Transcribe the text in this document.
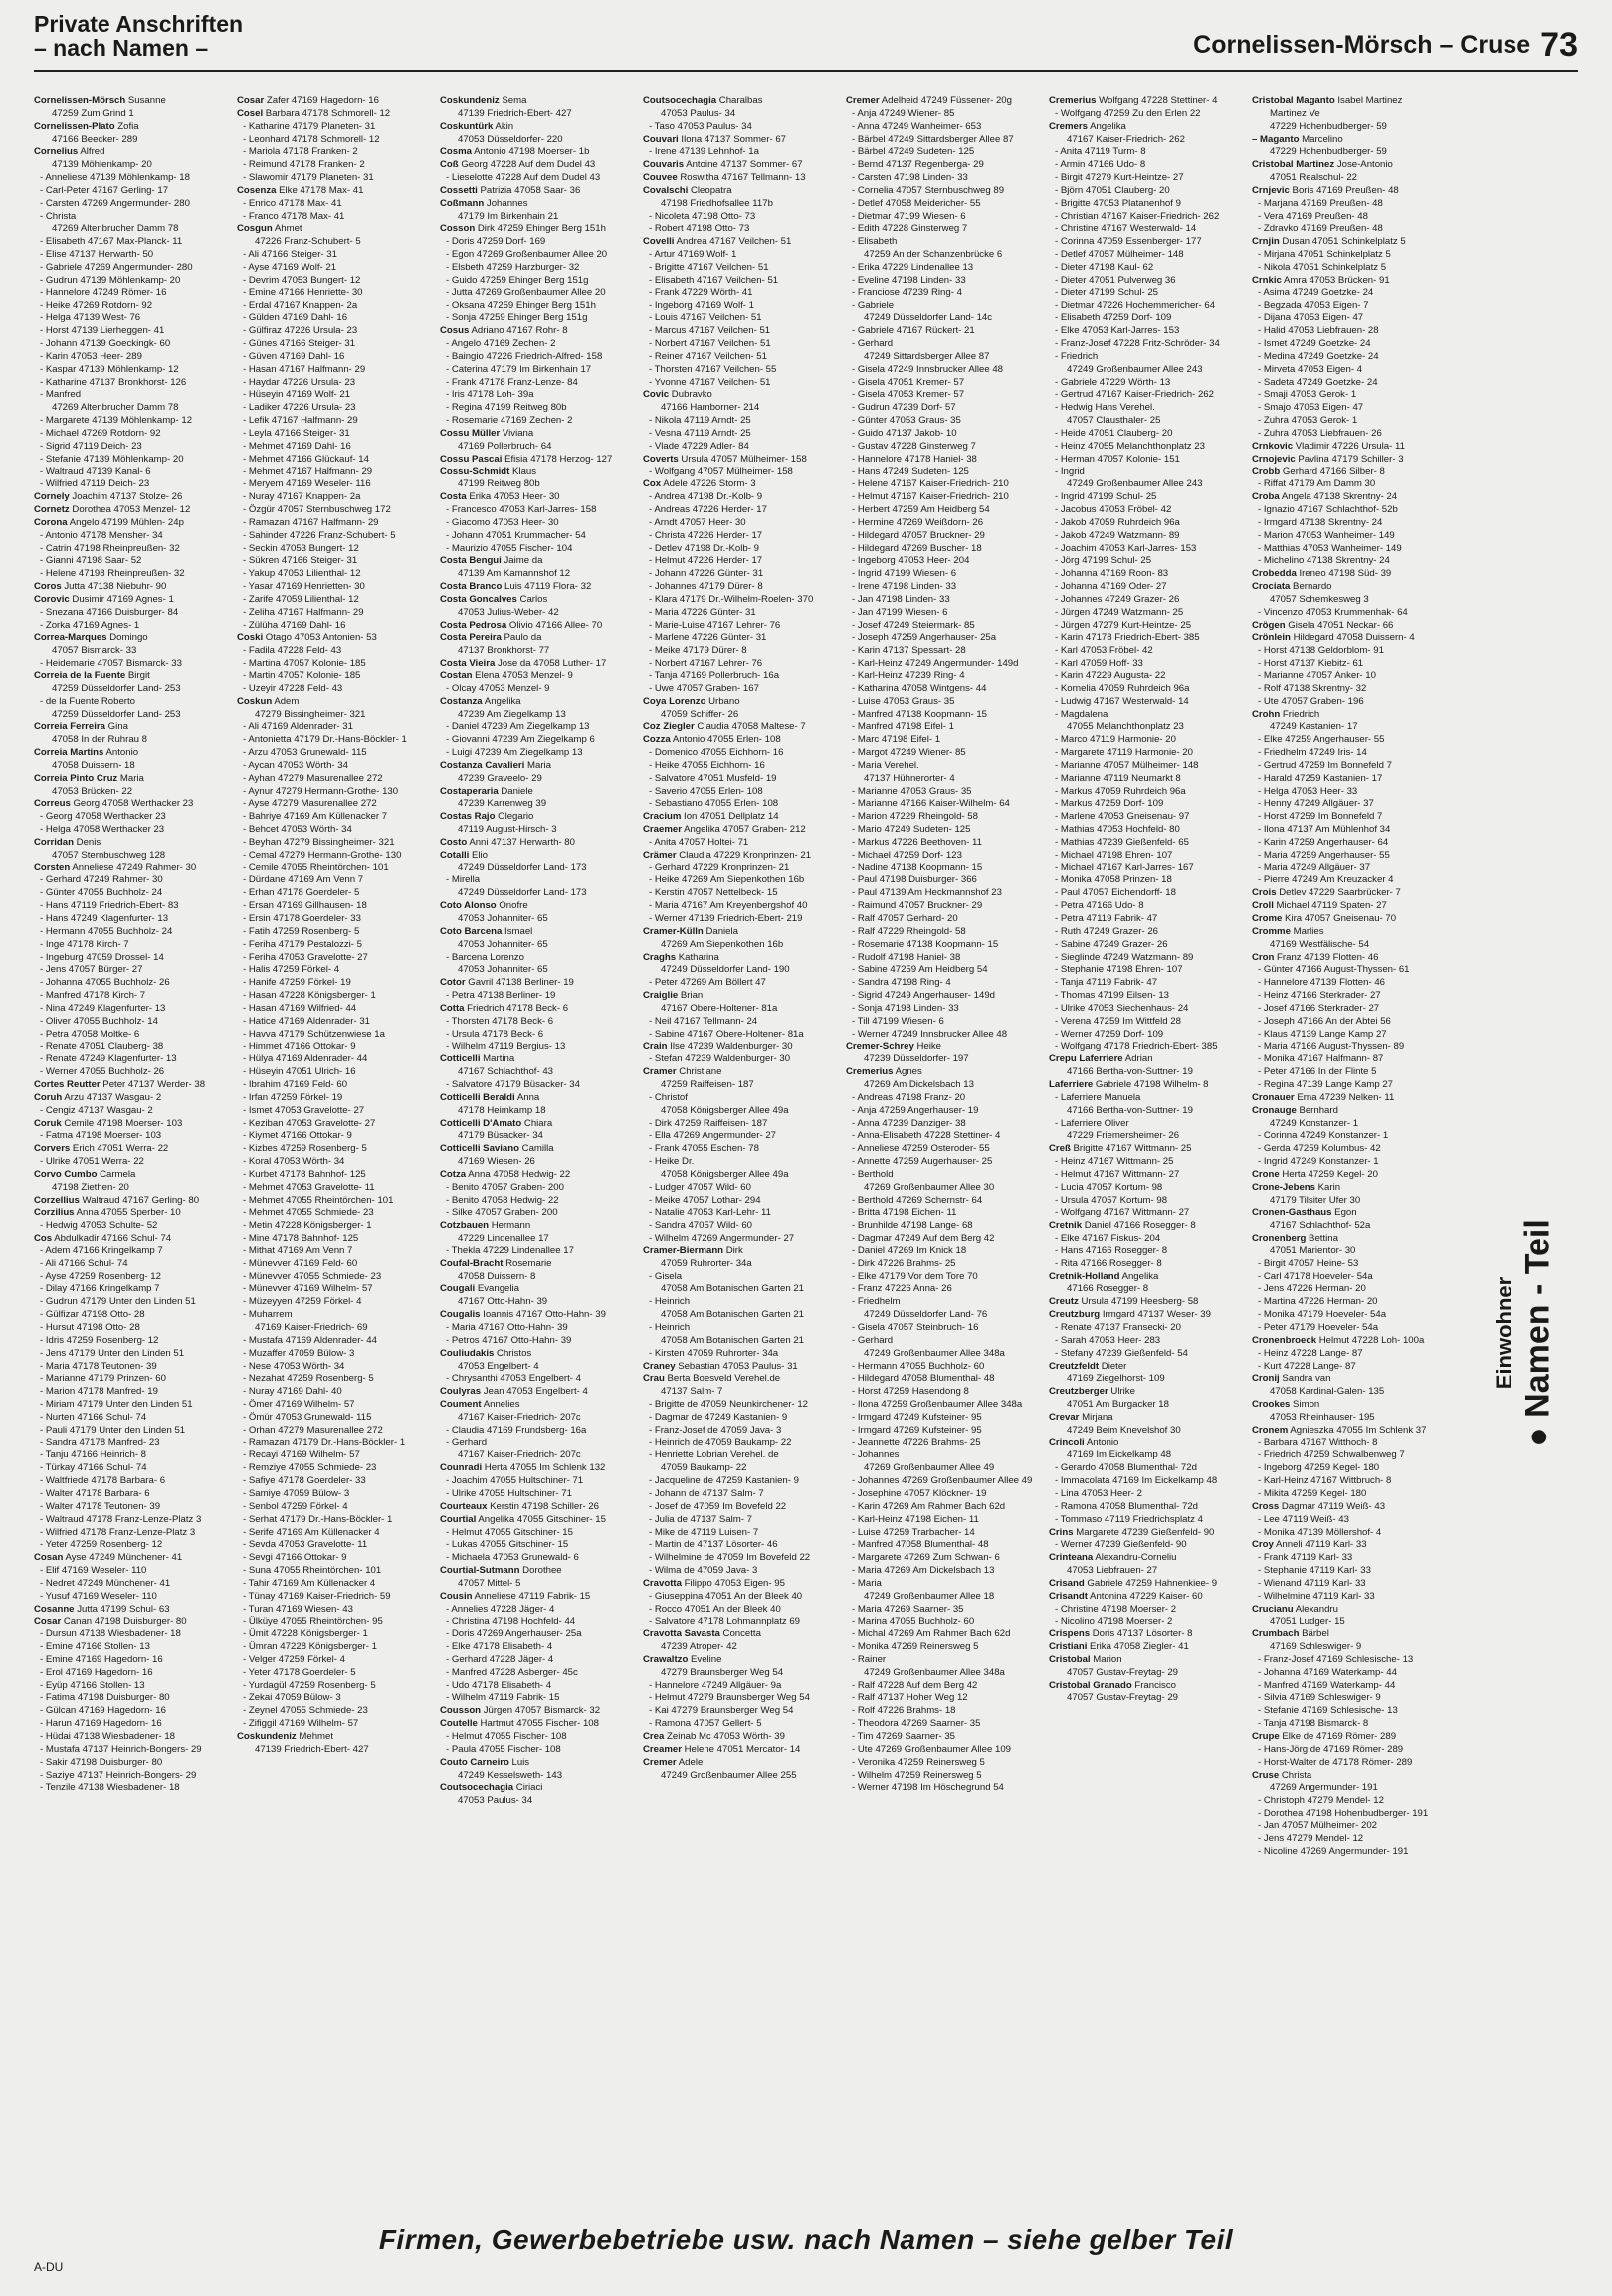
Private Anschriften
– nach Namen –	Cornelissen-Mörsch – Cruse 73
Cornelissen-Mörsch Susanne
47259 Zum Grind 1
Cornelissen-Plato Zofia
47166 Beecker- 289
Cornelius Alfred
47139 Möhlenkamp- 20
- Anneliese 47139 Möhlenkamp- 18
- Carl-Peter 47167 Gerling- 17
- Carsten 47269 Angermunder- 280
- Christa
47269 Altenbrucher Damm 78
- Elisabeth 47167 Max-Planck- 11
- Elise 47137 Herwarth- 50
- Gabriele 47269 Angermunder- 280
- Gudrun 47139 Möhlenkamp- 20
- Hannelore 47249 Römer- 16
- Heike 47269 Rotdorn- 92
- Helga 47139 West- 76
- Horst 47139 Lierheggen- 41
- Johann 47139 Goeckingk- 60
- Karin 47053 Heer- 289
- Kaspar 47139 Möhlenkamp- 12
- Katharine 47137 Bronkhorst- 126
- Manfred
47269 Altenbrucher Damm 78
- Margarete 47139 Möhlenkamp- 12
- Michael 47269 Rotdorn- 92
- Sigrid 47119 Deich- 23
- Stefanie 47139 Möhlenkamp- 20
- Waltraud 47139 Kanal- 6
- Wilfried 47119 Deich- 23
Cornely Joachim 47137 Stolze- 26
Cornetz Dorothea 47053 Menzel- 12
Corona Angelo 47199 Mühlen- 24p
- Antonio 47178 Mensher- 34
- Catrin 47198 Rheinpreußen- 32
- Gianni 47198 Saar- 52
- Helene 47198 Rheinpreußen- 32
Coros Jutta 47138 Niebuhr- 90
Corovic Dusimir 47169 Agnes- 1
- Snezana 47166 Duisburger- 84
- Zorka 47169 Agnes- 1
Correa-Marques Domingo
47057 Bismarck- 33
- Heidemarie 47057 Bismarck- 33
Correia de la Fuente Birgit
47259 Düsseldorfer Land- 253
- de la Fuente Roberto
47259 Düsseldorfer Land- 253
Correia Ferreira Gina
47058 In der Ruhrau 8
Correia Martins Antonio
47058 Duissern- 18
Correia Pinto Cruz Maria
47053 Brücken- 22
Correus Georg 47058 Werthacker 23
- Georg 47058 Werthacker 23
- Helga 47058 Werthacker 23
Corridan Denis
47057 Sternbuschweg 128
Corsten Anneliese 47249 Rahmer- 30
- Gerhard 47249 Rahmer- 30
- Günter 47055 Buchholz- 24
- Hans 47119 Friedrich-Ebert- 83
- Hans 47249 Klagenfurter- 13
- Hermann 47055 Buchholz- 24
- Inge 47178 Kirch- 7
- Ingeburg 47059 Drossel- 14
- Jens 47057 Bürger- 27
- Johanna 47055 Buchholz- 26
- Manfred 47178 Kirch- 7
- Nina 47249 Klagenfurter- 13
- Oliver 47055 Buchholz- 14
- Petra 47058 Moltke- 6
- Renate 47051 Clauberg- 38
- Renate 47249 Klagenfurter- 13
- Werner 47055 Buchholz- 26
Cortes Reutter Peter 47137 Werder- 38
Coruh Arzu 47137 Wasgau- 2
- Cengiz 47137 Wasgau- 2
Coruk Cemile 47198 Moerser- 103
- Fatma 47198 Moerser- 103
Corvers Erich 47051 Werra- 22
- Ulrike 47051 Werra- 22
Corvo Cumbo Carmela
47198 Ziethen- 20
Corzellius Waltraud 47167 Gerling- 80
Corzilius Anna 47055 Sperber- 10
- Hedwig 47053 Schulte- 52
Cos Abdulkadir 47166 Schul- 74
- Adem 47166 Kringelkamp 7
- Ali 47166 Schul- 74
- Ayse 47259 Rosenberg- 12
- Dilay 47166 Kringelkamp 7
- Gudrun 47179 Unter den Linden 51
- Gülfizar 47198 Otto- 28
- Hursut 47198 Otto- 28
- Idris 47259 Rosenberg- 12
- Jens 47179 Unter den Linden 51
- Maria 47178 Teutonen- 39
- Marianne 47179 Prinzen- 60
- Marion 47178 Manfred- 19
- Miriam 47179 Unter den Linden 51
- Nurten 47166 Schul- 74
- Pauli 47179 Unter den Linden 51
- Sandra 47178 Manfred- 23
- Tanju 47166 Heinrich- 8
- Türkay 47166 Schul- 74
- Waltfriede 47178 Barbara- 6
- Walter 47178 Barbara- 6
- Walter 47178 Teutonen- 39
- Waltraud 47178 Franz-Lenze-Platz 3
- Wilfried 47178 Franz-Lenze-Platz 3
- Yeter 47259 Rosenberg- 12
Cosan Ayse 47249 Münchener- 41
- Elif 47169 Weseler- 110
- Nedret 47249 Münchener- 41
- Yusuf 47169 Weseler- 110
Cosanne Jutta 47199 Schul- 63
Cosar Canan 47198 Duisburger- 80
- Dursun 47138 Wiesbadener- 18
- Emine 47166 Stollen- 13
- Emine 47169 Hagedorn- 16
- Erol 47169 Hagedorn- 16
- Eyüp 47166 Stollen- 13
- Fatima 47198 Duisburger- 80
- Gülcan 47169 Hagedorn- 16
- Harun 47169 Hagedorn- 16
- Hüdai 47138 Wiesbadener- 18
- Mustafa 47137 Heinrich-Bongers- 29
- Sakir 47198 Duisburger- 80
- Saziye 47137 Heinrich-Bongers- 29
- Tenzile 47138 Wiesbadener- 18
Cosar Zafer 47169 Hagedorn- 16
Cosel Barbara 47178 Schmorell- 12
- Katharine 47179 Planeten- 31
- Leonhard 47178 Schmorell- 12
- Mariola 47178 Franken- 2
- Reimund 47178 Franken- 2
- Slawomir 47179 Planeten- 31
Cosenza Elke 47178 Max- 41
- Enrico 47178 Max- 41
- Franco 47178 Max- 41
Cosgun Ahmet
47226 Franz-Schubert- 5
- Ali 47166 Steiger- 31
- Ayse 47169 Wolf- 21
- Devrim 47053 Bungert- 12
- Emine 47166 Henriette- 30
- Erdal 47167 Knappen- 2a
- Gülden 47169 Dahl- 16
- Gülfiraz 47226 Ursula- 23
- Günes 47166 Steiger- 31
- Güven 47169 Dahl- 16
- Hasan 47167 Halfmann- 29
- Haydar 47226 Ursula- 23
- Hüseyin 47169 Wolf- 21
- Ladiker 47226 Ursula- 23
- Lefik 47167 Halfmann- 29
- Leyla 47166 Steiger- 31
- Mehmet 47169 Dahl- 16
- Mehmet 47166 Glückauf- 14
- Mehmet 47167 Halfmann- 29
- Meryem 47169 Weseler- 116
- Nuray 47167 Knappen- 2a
- Özgür 47057 Sternbuschweg 172
- Ramazan 47167 Halfmann- 29
- Sahinder 47226 Franz-Schubert- 5
- Seckin 47053 Bungert- 12
- Sükren 47166 Steiger- 31
- Yakup 47053 Lilienthal- 12
- Yasar 47169 Henrietten- 30
- Zarife 47059 Lilienthal- 12
- Zeliha 47167 Halfmann- 29
- Zülüha 47169 Dahl- 16
Coski Otago 47053 Antonien- 53
- Fadila 47228 Feld- 43
- Martina 47057 Kolonie- 185
- Martin 47057 Kolonie- 185
- Uzeyir 47228 Feld- 43
Coskun Adem
47279 Bissingheimer- 321
- Ali 47169 Aldenrader- 31
- Antonietta 47179 Dr.-Hans-Böckler- 1
- Arzu 47053 Grunewald- 115
- Aycan 47053 Wörth- 34
- Ayhan 47279 Masurenallee 272
- Aynur 47279 Hermann-Grothe- 130
- Ayse 47279 Masurenallee 272
- Bahriye 47169 Am Küllenacker 7
- Behcet 47053 Wörth- 34
- Beyhan 47279 Bissingheimer- 321
- Cemal 47279 Hermann-Grothe- 130
- Cemile 47055 Rheintörchen- 101
- Dürdane 47169 Am Venn 7
- Erhan 47178 Goerdeler- 5
- Ersan 47169 Gillhausen- 18
- Ersin 47178 Goerdeler- 33
- Fatih 47259 Rosenberg- 5
- Feriha 47179 Pestalozzi- 5
- Feriha 47053 Gravelotte- 27
- Halis 47259 Förkel- 4
- Hanife 47259 Förkel- 19
- Hasan 47228 Königsberger- 1
- Hasan 47169 Wilfried- 44
- Hatice 47169 Aldenrader- 31
- Havva 47179 Schützenwiese 1a
- Himmet 47166 Ottokar- 9
- Hülya 47169 Aldenrader- 44
- Hüseyin 47051 Ulrich- 16
- Ibrahim 47169 Feld- 60
- Irfan 47259 Förkel- 19
- Ismet 47053 Gravelotte- 27
- Keziban 47053 Gravelotte- 27
- Kiymet 47166 Ottokar- 9
- Kizbes 47259 Rosenberg- 5
- Koral 47053 Wörth- 34
- Kurbet 47178 Bahnhof- 125
- Mehmet 47053 Gravelotte- 11
- Mehmet 47055 Rheintörchen- 101
- Mehmet 47055 Schmiede- 23
- Metin 47228 Königsberger- 1
- Mine 47178 Bahnhof- 125
- Mithat 47169 Am Venn 7
- Münevver 47169 Feld- 60
- Münevver 47055 Schmiede- 23
- Münevver 47169 Wilhelm- 57
- Müzeyyen 47259 Förkel- 4
- Muharrem
47169 Kaiser-Friedrich- 69
- Mustafa 47169 Aldenrader- 44
- Muzaffer 47059 Bülow- 3
- Nese 47053 Wörth- 34
- Nezahat 47259 Rosenberg- 5
- Nuray 47169 Dahl- 40
- Ömer 47169 Wilhelm- 57
- Ömür 47053 Grunewald- 115
- Orhan 47279 Masurenallee 272
- Ramazan 47179 Dr.-Hans-Böckler- 1
- Recayi 47169 Wilhelm- 57
- Remziye 47055 Schmiede- 23
- Safiye 47178 Goerdeler- 33
- Samiye 47059 Bülow- 3
- Senbol 47259 Förkel- 4
- Serhat 47179 Dr.-Hans-Böckler- 1
- Serife 47169 Am Küllenacker 4
- Sevda 47053 Gravelotte- 11
- Sevgi 47166 Ottokar- 9
- Suna 47055 Rheintörchen- 101
- Tahir 47169 Am Küllenacker 4
- Tünay 47169 Kaiser-Friedrich- 59
- Turan 47169 Wiesen- 43
- Ülküye 47055 Rheintörchen- 95
- Ümit 47228 Königsberger- 1
- Ümran 47228 Königsberger- 1
- Velger 47259 Förkel- 4
- Yeter 47178 Goerdeler- 5
- Yurdagül 47259 Rosenberg- 5
- Zekai 47059 Bülow- 3
- Zeynel 47055 Schmiede- 23
- Zifiggil 47169 Wilhelm- 57
Coskundeniz Mehmet
47139 Friedrich-Ebert- 427
Coskundeniz Sema
47139 Friedrich-Ebert- 427
Coskuntürk Akin
47053 Düsseldorfer- 220
Cosma Antonio 47198 Moerser- 1b
Coß Georg 47228 Auf dem Dudel 43
- Lieselotte 47228 Auf dem Dudel 43
Cossetti Patrizia 47058 Saar- 36
Coßmann Johannes
47179 Im Birkenhain 21
Cosson Dirk 47259 Ehinger Berg 151h
- Doris 47259 Dorf- 169
- Egon 47269 Großenbaumer Allee 20
- Elsbeth 47259 Harzburger- 32
- Guido 47259 Ehinger Berg 151g
- Jutta 47269 Großenbaumer Allee 20
- Oksana 47259 Ehinger Berg 151h
- Sonja 47259 Ehinger Berg 151g
Cosus Adriano 47167 Rohr- 8
- Angelo 47169 Zechen- 2
- Baingio 47226 Friedrich-Alfred- 158
- Caterina 47179 Im Birkenhain 17
- Frank 47178 Franz-Lenze- 84
- Iris 47178 Loh- 39a
- Regina 47199 Reitweg 80b
- Rosemarie 47169 Zechen- 2
Cossu Müller Viviana
47169 Pollerbruch- 64
Cossu Pascai Efisia 47178 Herzog- 127
Cossu-Schmidt Klaus
47199 Reitweg 80b
Costa Erika 47053 Heer- 30
- Francesco 47053 Karl-Jarres- 158
- Giacomo 47053 Heer- 30
- Johann 47051 Krummacher- 54
- Maurizio 47055 Fischer- 104
Costa Bengui Jaime da
47139 Am Kamannshof 12
Costa Branco Luis 47119 Flora- 32
Costa Goncalves Carlos
47053 Julius-Weber- 42
Costa Pedrosa Olivio 47166 Allee- 70
Costa Pereira Paulo da
47137 Bronkhorst- 77
Costa Vieira Jose da 47058 Luther- 17
Costan Elena 47053 Menzel- 9
- Olcay 47053 Menzel- 9
Costanza Angelika
47239 Am Ziegelkamp 13
- Daniel 47239 Am Ziegelkamp 13
- Giovanni 47239 Am Ziegelkamp 6
- Luigi 47239 Am Ziegelkamp 13
Costanza Cavalieri Maria
47239 Graveelo- 29
Costaperaria Daniele
47239 Karrenweg 39
Costas Rajo Olegario
47119 August-Hirsch- 3
Costo Anni 47137 Herwarth- 80
Cotalli Elio
47249 Düsseldorfer Land- 173
- Mirella
47249 Düsseldorfer Land- 173
Coto Alonso Onofre
47053 Johanniter- 65
Coto Barcena Ismael
47053 Johanniter- 65
- Barcena Lorenzo
47053 Johanniter- 65
Cotor Gavril 47138 Berliner- 19
- Petra 47138 Berliner- 19
Cotta Friedrich 47178 Beck- 6
- Thorsten 47178 Beck- 6
- Ursula 47178 Beck- 6
- Wilhelm 47119 Bergius- 13
Cotticelli Martina
47167 Schlachthof- 43
- Salvatore 47179 Büsacker- 34
Cotticelli Beraldi Anna
47178 Heimkamp 18
Cotticelli D'Amato Chiara
47179 Büsacker- 34
Cotticelli Saviano Camilla
47169 Wiesen- 26
Cotza Anna 47058 Hedwig- 22
- Benito 47057 Graben- 200
- Benito 47058 Hedwig- 22
- Silke 47057 Graben- 200
Cotzbauen Hermann
47229 Lindenallee 17
- Thekla 47229 Lindenallee 17
Coufal-Bracht Rosemarie
47058 Duissern- 8
Cougali Evangelia
47167 Otto-Hahn- 39
Cougalis Ioannis 47167 Otto-Hahn- 39
- Maria 47167 Otto-Hahn- 39
- Petros 47167 Otto-Hahn- 39
Couliudakis Christos
47053 Engelbert- 4
- Chrysanthi 47053 Engelbert- 4
Coulyras Jean 47053 Engelbert- 4
Coument Annelies
47167 Kaiser-Friedrich- 207c
- Claudia 47169 Frundsberg- 16a
- Gerhard
47167 Kaiser-Friedrich- 207c
Counradi Herta 47055 Im Schlenk 132
- Joachim 47055 Hultschiner- 71
- Ulrike 47055 Hultschiner- 71
Courteaux Kerstin 47198 Schiller- 26
Courtial Angelika 47055 Gitschiner- 15
- Helmut 47055 Gitschiner- 15
- Lukas 47055 Gitschiner- 15
- Michaela 47053 Grunewald- 6
Courtial-Sutmann Dorothee
47057 Mittel- 5
Cousin Anneliese 47119 Fabrik- 15
- Annelies 47228 Jäger- 4
- Christina 47198 Hochfeld- 44
- Doris 47269 Angerhauser- 25a
- Elke 47178 Elisabeth- 4
- Gerhard 47228 Jäger- 4
- Manfred 47228 Asberger- 45c
- Udo 47178 Elisabeth- 4
- Wilhelm 47119 Fabrik- 15
Cousson Jürgen 47057 Bismarck- 32
Coutelle Hartmut 47055 Fischer- 108
- Helmut 47055 Fischer- 108
- Paula 47055 Fischer- 108
Couto Carneiro Luis
47249 Kesselsweth- 143
Coutsocechagia Ciriaci
47053 Paulus- 34
Coutsocechagia Charalbas
47053 Paulus- 34
- Taso 47053 Paulus- 34
Couvari Ilona 47137 Sommer- 67
- Irene 47139 Lehnhof- 1a
Couvaris Antoine 47137 Sommer- 67
Couvee Roswitha 47167 Tellmann- 13
Covalschi Cleopatra
47198 Friedhofsallee 117b
- Nicoleta 47198 Otto- 73
- Robert 47198 Otto- 73
Covelli Andrea 47167 Veilchen- 51
- Artur 47169 Wolf- 1
- Brigitte 47167 Veilchen- 51
- Elisabeth 47167 Veilchen- 51
- Frank 47229 Wörth- 41
- Ingeborg 47169 Wolf- 1
- Louis 47167 Veilchen- 51
- Marcus 47167 Veilchen- 51
- Norbert 47167 Veilchen- 51
- Reiner 47167 Veilchen- 51
- Thorsten 47167 Veilchen- 55
- Yvonne 47167 Veilchen- 51
Covic Dubravko
47166 Hamborner- 214
- Nikola 47119 Arndt- 25
- Vesna 47119 Arndt- 25
- Vlade 47229 Adler- 84
Coverts Ursula 47057 Mülheimer- 158
- Wolfgang 47057 Mülheimer- 158
Cox Adele 47226 Storm- 3
- Andrea 47198 Dr.-Kolb- 9
- Andreas 47226 Herder- 17
- Arndt 47057 Heer- 30
- Christa 47226 Herder- 17
- Detlev 47198 Dr.-Kolb- 9
- Helmut 47226 Herder- 17
- Johann 47226 Günter- 31
- Johannes 47179 Dürer- 8
- Klara 47179 Dr.-Wilhelm-Roelen- 370
- Maria 47226 Günter- 31
- Marie-Luise 47167 Lehrer- 76
- Marlene 47226 Günter- 31
- Meike 47179 Dürer- 8
- Norbert 47167 Lehrer- 76
- Tanja 47169 Pollerbruch- 16a
- Uwe 47057 Graben- 167
Coya Lorenzo Urbano
47059 Schiffer- 26
Coz Ziegler Claudia 47058 Maltese- 7
Cozza Antonio 47055 Erlen- 108
- Domenico 47055 Eichhorn- 16
- Heike 47055 Eichhorn- 16
- Salvatore 47051 Musfeld- 19
- Saverio 47055 Erlen- 108
- Sebastiano 47055 Erlen- 108
Cracium Ion 47051 Dellplatz 14
Craemer Angelika 47057 Graben- 212
- Anita 47057 Holtei- 71
Crämer Claudia 47229 Kronprinzen- 21
- Gerhard 47229 Kronprinzen- 21
- Heike 47269 Am Siepenkothen 16b
- Kerstin 47057 Nettelbeck- 15
- Maria 47167 Am Kreyenbergshof 40
- Werner 47139 Friedrich-Ebert- 219
Cramer-Külln Daniela
47269 Am Siepenkothen 16b
Craghs Katharina
47249 Düsseldorfer Land- 190
- Peter 47269 Am Böllert 47
Craiglie Brian
47167 Obere-Holtener- 81a
- Neil 47167 Tellmann- 24
- Sabine 47167 Obere-Holtener- 81a
Crain Ilse 47239 Waldenburger- 30
- Stefan 47239 Waldenburger- 30
Cramer Christiane
47259 Raiffeisen- 187
- Christof
47058 Königsberger Allee 49a
- Dirk 47259 Raiffeisen- 187
- Ella 47269 Angermunder- 27
- Frank 47055 Eschen- 78
- Heike Dr.
47058 Königsberger Allee 49a
- Ludger 47057 Wild- 60
- Meike 47057 Lothar- 294
- Natalie 47053 Karl-Lehr- 11
- Sandra 47057 Wild- 60
- Wilhelm 47269 Angermunder- 27
Cramer-Biermann Dirk
47059 Ruhrorter- 34a
- Gisela
47058 Am Botanischen Garten 21
- Heinrich
47058 Am Botanischen Garten 21
- Heinrich
47058 Am Botanischen Garten 21
- Kirsten 47059 Ruhrorter- 34a
Craney Sebastian 47053 Paulus- 31
Crau Berta Boesveld Verehel.de
47137 Salm- 7
- Brigitte de 47059 Neunkirchener- 12
- Dagmar de 47249 Kastanien- 9
- Franz-Josef de 47059 Java- 3
- Heinrich de 47059 Baukamp- 22
- Henriette Lobrian Verehel. de
47059 Baukamp- 22
- Jacqueline de 47259 Kastanien- 9
- Johann de 47137 Salm- 7
- Josef de 47059 Im Bovefeld 22
- Julia de 47137 Salm- 7
- Mike de 47119 Luisen- 7
- Martin de 47137 Lösorter- 46
- Wilhelmine de 47059 Im Bovefeld 22
- Wilma de 47059 Java- 3
Cravotta Filippo 47053 Eigen- 95
- Giuseppina 47051 An der Bleek 40
- Rocco 47051 An der Bleek 40
- Salvatore 47178 Lohmannplatz 69
Cravotta Savasta Concetta
47239 Atroper- 42
Crawaltzo Eveline
47279 Braunsberger Weg 54
- Hannelore 47249 Allgäuer- 9a
- Helmut 47279 Braunsberger Weg 54
- Kai 47279 Braunsberger Weg 54
- Ramona 47057 Gellert- 5
Crea Zeinab Mc 47053 Wörth- 39
Creamer Helene 47051 Mercator- 14
Cremer Adele
47249 Großenbaumer Allee 255
Cremer Adelheid 47249 Füssener- 20g
- Anja 47249 Wiener- 85
- Anna 47249 Wanheimer- 653
- Bärbel 47249 Sittardsberger Allee 87
- Bärbel 47249 Sudeten- 125
- Bernd 47137 Regenberga- 29
- Carsten 47198 Linden- 33
- Cornelia 47057 Sternbuschweg 89
- Detlef 47058 Meidericher- 55
- Dietmar 47199 Wiesen- 6
- Edith 47228 Ginsterweg 7
- Elisabeth
47259 An der Schanzenbrücke 6
- Erika 47229 Lindenallee 13
- Eveline 47198 Linden- 33
- Franciose 47239 Ring- 4
- Gabriele
47249 Düsseldorfer Land- 14c
- Gabriele 47167 Rückert- 21
- Gerhard
47249 Sittardsberger Allee 87
- Gisela 47249 Innsbrucker Allee 48
- Gisela 47051 Kremer- 57
- Gisela 47053 Kremer- 57
- Gudrun 47239 Dorf- 57
- Günter 47053 Graus- 35
- Guido 47137 Jakob- 10
- Gustav 47228 Ginsterweg 7
- Hannelore 47178 Haniel- 38
- Hans 47249 Sudeten- 125
- Helene 47167 Kaiser-Friedrich- 210
- Helmut 47167 Kaiser-Friedrich- 210
- Herbert 47259 Am Heidberg 54
- Hermine 47269 Weißdorn- 26
- Hildegard 47057 Bruckner- 29
- Hildegard 47269 Buscher- 18
- Ingeborg 47053 Heer- 204
- Ingrid 47199 Wiesen- 6
- Irene 47198 Linden- 33
- Jan 47198 Linden- 33
- Jan 47199 Wiesen- 6
- Josef 47249 Steiermark- 85
- Joseph 47259 Angerhauser- 25a
- Karin 47137 Spessart- 28
- Karl-Heinz 47249 Angermunder- 149d
- Karl-Heinz 47239 Ring- 4
- Katharina 47058 Wintgens- 44
- Luise 47053 Graus- 35
- Manfred 47138 Koopmann- 15
- Manfred 47198 Eifel- 1
- Marc 47198 Eifel- 1
- Margot 47249 Wiener- 85
- Maria Verehel.
47137 Hühnerorter- 4
- Marianne 47053 Graus- 35
- Marianne 47166 Kaiser-Wilhelm- 64
- Marion 47229 Rheingold- 58
- Mario 47249 Sudeten- 125
- Markus 47226 Beethoven- 11
- Michael 47259 Dorf- 123
- Nadine 47138 Koopmann- 15
- Paul 47198 Duisburger- 366
- Paul 47139 Am Heckmannshof 23
- Raimund 47057 Bruckner- 29
- Ralf 47057 Gerhard- 20
- Ralf 47229 Rheingold- 58
- Rosemarie 47138 Koopmann- 15
- Rudolf 47198 Haniel- 38
- Sabine 47259 Am Heidberg 54
- Sandra 47198 Ring- 4
- Sigrid 47249 Angerhauser- 149d
- Sonja 47198 Linden- 33
- Till 47199 Wiesen- 6
- Werner 47249 Innsbrucker Allee 48
Cremer-Schrey Heike
47239 Düsseldorfer- 197
Cremerius Agnes
47269 Am Dickelsbach 13
- Andreas 47198 Franz- 20
- Anja 47259 Angerhauser- 19
- Anna 47239 Danziger- 38
- Anna-Elisabeth 47228 Stettiner- 4
- Anneliese 47259 Osteroder- 55
- Annette 47259 Augerhauser- 25
- Berthold
47269 Großenbaumer Allee 30
- Berthold 47269 Schernstr- 64
- Britta 47198 Eichen- 11
- Brunhilde 47198 Lange- 68
- Dagmar 47249 Auf dem Berg 42
- Daniel 47269 Im Knick 18
- Dirk 47226 Brahms- 25
- Elke 47179 Vor dem Tore 70
- Franz 47226 Anna- 26
- Friedhelm
47249 Düsseldorfer Land- 76
- Gisela 47057 Steinbruch- 16
- Gerhard
47249 Großenbaumer Allee 348a
- Hermann 47055 Buchholz- 60
- Hildegard 47058 Blumenthal- 48
- Horst 47259 Hasendong 8
- Ilona 47259 Großenbaumer Allee 348a
- Irmgard 47249 Kufsteiner- 95
- Irmgard 47269 Kufsteiner- 95
- Jeannette 47226 Brahms- 25
- Johannes
47269 Großenbaumer Allee 49
- Johannes 47269 Großenbaumer Allee 49
- Josephine 47057 Klöckner- 19
- Karin 47269 Am Rahmer Bach 62d
- Karl-Heinz 47198 Eichen- 11
- Luise 47259 Trarbacher- 14
- Manfred 47058 Blumenthal- 48
- Margarete 47269 Zum Schwan- 6
- Maria 47269 Am Dickelsbach 13
- Maria
47249 Großenbaumer Allee 18
- Maria 47269 Saarner- 35
- Marina 47055 Buchholz- 60
- Michal 47269 Am Rahmer Bach 62d
- Monika 47269 Reinersweg 5
- Rainer
47249 Großenbaumer Allee 348a
- Ralf 47228 Auf dem Berg 42
- Ralf 47137 Hoher Weg 12
- Rolf 47226 Brahms- 18
- Theodora 47269 Saarner- 35
- Tim 47269 Saarner- 35
- Ute 47269 Großenbaumer Allee 109
- Veronika 47259 Reinersweg 5
- Wilhelm 47259 Reinersweg 5
- Werner 47198 Im Höschegrund 54
Cremerius Wolfgang 47228 Stettiner- 4
- Wolfgang 47259 Zu den Erlen 22
Cremers Angelika
47167 Kaiser-Friedrich- 262
- Anita 47119 Turm- 8
- Armin 47166 Udo- 8
- Birgit 47279 Kurt-Heintze- 27
- Björn 47051 Clauberg- 20
- Brigitte 47053 Platanenhof 9
- Christian 47167 Kaiser-Friedrich- 262
- Christine 47167 Westerwald- 14
- Corinna 47059 Essenberger- 177
- Detlef 47057 Mülheimer- 148
- Dieter 47198 Kaul- 62
- Dieter 47051 Pulverweg 36
- Dieter 47199 Schul- 25
- Dietmar 47226 Hochemmericher- 64
- Elisabeth 47259 Dorf- 109
- Elke 47053 Karl-Jarres- 153
- Franz-Josef 47228 Fritz-Schröder- 34
- Friedrich
47249 Großenbaumer Allee 243
- Gabriele 47229 Wörth- 13
- Gertrud 47167 Kaiser-Friedrich- 262
- Hedwig Hans Verehel.
47057 Clausthaler- 25
- Heide 47051 Clauberg- 20
- Heinz 47055 Melanchthonplatz 23
- Herman 47057 Kolonie- 151
- Ingrid
47249 Großenbaumer Allee 243
- Ingrid 47199 Schul- 25
- Jacobus 47053 Fröbel- 42
- Jakob 47059 Ruhrdeich 96a
- Jakob 47249 Watzmann- 89
- Joachim 47053 Karl-Jarres- 153
- Jörg 47199 Schul- 25
- Johanna 47169 Roon- 83
- Johanna 47169 Oder- 27
- Johannes 47249 Grazer- 26
- Jürgen 47249 Watzmann- 25
- Jürgen 47279 Kurt-Heintze- 25
- Karin 47178 Friedrich-Ebert- 385
- Karl 47053 Fröbel- 42
- Karl 47059 Hoff- 33
- Karin 47229 Augusta- 22
- Kornelia 47059 Ruhrdeich 96a
- Ludwig 47167 Westerwald- 14
- Magdalena
47055 Melanchthonplatz 23
- Marco 47119 Harmonie- 20
- Margarete 47119 Harmonie- 20
- Marianne 47057 Mülheimer- 148
- Marianne 47119 Neumarkt 8
- Markus 47059 Ruhrdeich 96a
- Markus 47259 Dorf- 109
- Marlene 47053 Gneisenau- 97
- Mathias 47053 Hochfeld- 80
- Mathias 47239 Gießenfeld- 65
- Michael 47198 Ehren- 107
- Michael 47167 Karl-Jarres- 167
- Monika 47058 Prinzen- 18
- Paul 47057 Eichendorff- 18
- Petra 47166 Udo- 8
- Petra 47119 Fabrik- 47
- Ruth 47249 Grazer- 26
- Sabine 47249 Grazer- 26
- Sieglinde 47249 Watzmann- 89
- Stephanie 47198 Ehren- 107
- Tanja 47119 Fabrik- 47
- Thomas 47199 Eilsen- 13
- Ulrike 47053 Siechenhaus- 24
- Verena 47259 Im Wittfeld 28
- Werner 47259 Dorf- 109
- Wolfgang 47178 Friedrich-Ebert- 385
Crepu Laferriere Adrian
47166 Bertha-von-Suttner- 19
Laferriere Gabriele 47198 Wilhelm- 8
- Laferriere Manuela
47166 Bertha-von-Suttner- 19
- Laferriere Oliver
47229 Friemersheimer- 26
Creß Brigitte 47167 Wittmann- 25
- Heinz 47167 Wittmann- 25
- Helmut 47167 Wittmann- 27
- Lucia 47057 Kortum- 98
- Ursula 47057 Kortum- 98
- Wolfgang 47167 Wittmann- 27
Cretnik Daniel 47166 Rosegger- 8
- Elke 47167 Fiskus- 204
- Hans 47166 Rosegger- 8
- Rita 47166 Rosegger- 8
Cretnik-Holland Angelika
47166 Rosegger- 8
Creutz Ursula 47199 Heesberg- 58
Creutzburg Irmgard 47137 Weser- 39
- Renate 47137 Fransecki- 20
- Sarah 47053 Heer- 283
- Stefany 47239 Gießenfeld- 54
Creutzfeldt Dieter
47169 Ziegelhorst- 109
Creutzberger Ulrike
47051 Am Burgacker 18
Crevar Mirjana
47249 Beim Knevelshof 30
Crincoli Antonio
47169 Im Eickelkamp 48
- Gerardo 47058 Blumenthal- 72d
- Immacolata 47169 Im Eickelkamp 48
- Lina 47053 Heer- 2
- Ramona 47058 Blumenthal- 72d
- Tommaso 47119 Friedrichsplatz 4
Crins Margarete 47239 Gießenfeld- 90
- Werner 47239 Gießenfeld- 90
Crinteana Alexandru-Corneliu
47053 Liebfrauen- 27
Crisand Gabriele 47259 Hahnenkiee- 9
Crisandt Antonina 47229 Kaiser- 60
- Christine 47198 Moerser- 2
- Nicolino 47198 Moerser- 2
Crispens Doris 47137 Lösorter- 8
Cristiani Erika 47058 Ziegler- 41
Cristobal Marion
47057 Gustav-Freytag- 29
Cristobal Granado Francisco
47057 Gustav-Freytag- 29
Cristobal Maganto Isabel Martinez
Martinez Ve
47229 Hohenbudberger- 59
– Maganto Marcelino
47229 Hohenbudberger- 59
Cristobal Martinez Jose-Antonio
47051 Realschul- 22
Crnjevic Boris 47169 Preußen- 48
- Marjana 47169 Preußen- 48
- Vera 47169 Preußen- 48
- Zdravko 47169 Preußen- 48
Crnjin Dusan 47051 Schinkelplatz 5
- Mirjana 47051 Schinkelplatz 5
- Nikola 47051 Schinkelplatz 5
Crnkic Amra 47053 Brücken- 91
- Asima 47249 Goetzke- 24
- Begzada 47053 Eigen- 7
- Dijana 47053 Eigen- 47
- Halid 47053 Liebfrauen- 28
- Ismet 47249 Goetzke- 24
- Medina 47249 Goetzke- 24
- Mirveta 47053 Eigen- 4
- Sadeta 47249 Goetzke- 24
- Smaji 47053 Gerok- 1
- Smajo 47053 Eigen- 47
- Zuhra 47053 Gerok- 1
- Zuhra 47053 Liebfrauen- 26
Crnkovic Vladimir 47226 Ursula- 11
Crnojevic Pavlina 47179 Schiller- 3
Crobb Gerhard 47166 Silber- 8
- Riffat 47179 Am Damm 30
Croba Angela 47138 Skrentny- 24
- Ignazio 47167 Schlachthof- 52b
- Irmgard 47138 Skrentny- 24
- Marion 47053 Wanheimer- 149
- Matthias 47053 Wanheimer- 149
- Michelino 47138 Skrentny- 24
Crobedda Ireneo 47198 Süd- 39
Crociata Bernardo
47057 Schemkesweg 3
- Vincenzo 47053 Krummenhak- 64
Crögen Gisela 47051 Neckar- 66
Crönlein Hildegard 47058 Duissern- 4
- Horst 47138 Geldorblom- 91
- Horst 47137 Kiebitz- 61
- Marianne 47057 Anker- 10
- Rolf 47138 Skrentny- 32
- Ute 47057 Graben- 196
Crohn Friedrich
47249 Kastanien- 17
- Elke 47259 Angerhauser- 55
- Friedhelm 47249 Iris- 14
- Gertrud 47259 Im Bonnefeld 7
- Harald 47259 Kastanien- 17
- Helga 47053 Heer- 33
- Henny 47249 Allgäuer- 37
- Horst 47259 Im Bonnefeld 7
- Ilona 47137 Am Mühlenhof 34
- Karin 47259 Angerhauser- 64
- Maria 47259 Angerhauser- 55
- Maria 47249 Allgäuer- 37
- Pierre 47249 Am Kreuzacker 4
Crois Detlev 47229 Saarbrücker- 7
Croll Michael 47119 Spaten- 27
Crome Kira 47057 Gneisenau- 70
Cromme Marlies
47169 Westfälische- 54
Cron Franz 47139 Flotten- 46
- Günter 47166 August-Thyssen- 61
- Hannelore 47139 Flotten- 46
- Heinz 47166 Sterkrader- 27
- Josef 47166 Sterkrader- 27
- Joseph 47166 An der Abtei 56
- Klaus 47139 Lange Kamp 27
- Maria 47166 August-Thyssen- 89
- Monika 47167 Halfmann- 87
- Peter 47166 In der Flinte 5
- Regina 47139 Lange Kamp 27
Cronauer Erna 47239 Nelken- 11
Cronauge Bernhard
47249 Konstanzer- 1
- Corinna 47249 Konstanzer- 1
- Gerda 47259 Kolumbus- 42
- Ingrid 47249 Konstanzer- 1
Crone Herta 47259 Kegel- 20
Crone-Jebens Karin
47179 Tilsiter Ufer 30
Cronen-Gasthaus Egon
47167 Schlachthof- 52a
Cronenberg Bettina
47051 Marientor- 30
- Birgit 47057 Heine- 53
- Carl 47178 Hoeveler- 54a
- Jens 47226 Herman- 20
- Martina 47226 Herman- 20
- Monika 47179 Hoeveler- 54a
- Peter 47179 Hoeveler- 54a
Cronenbroeck Helmut 47228 Loh- 100a
- Heinz 47228 Lange- 87
- Kurt 47228 Lange- 87
Cronij Sandra van
47058 Kardinal-Galen- 135
Crookes Simon
47053 Rheinhauser- 195
Cronem Agnieszka 47055 Im Schlenk 37
- Barbara 47167 Witthoch- 8
- Friedrich 47259 Schwalbenweg 7
- Ingeborg 47259 Kegel- 180
- Karl-Heinz 47167 Wittbruch- 8
- Mikita 47259 Kegel- 180
Cross Dagmar 47119 Weiß- 43
- Lee 47119 Weiß- 43
- Monika 47139 Möllershof- 4
Croy Anneli 47119 Karl- 33
- Frank 47119 Karl- 33
- Stephanie 47119 Karl- 33
- Wienand 47119 Karl- 33
- Wilhelmine 47119 Karl- 33
Crucianu Alexandru
47051 Ludger- 15
Crumbach Bärbel
47169 Schleswiger- 9
- Franz-Josef 47169 Schlesische- 13
- Johanna 47169 Waterkamp- 44
- Manfred 47169 Waterkamp- 44
- Silvia 47169 Schleswiger- 9
- Stefanie 47169 Schlesische- 13
- Tanja 47198 Bismarck- 8
Crupe Elke de 47169 Römer- 289
- Hans-Jörg de 47169 Römer- 289
- Horst-Walter de 47178 Römer- 289
Cruse Christa
47269 Angermunder- 191
- Christoph 47279 Mendel- 12
- Dorothea 47198 Hohenbudberger- 191
- Jan 47057 Mülheimer- 202
- Jens 47279 Mendel- 12
- Nicoline 47269 Angermunder- 191
Einwohner ● Namen - Teil
Firmen, Gewerbebetriebe usw. nach Namen – siehe gelber Teil
A-DU
